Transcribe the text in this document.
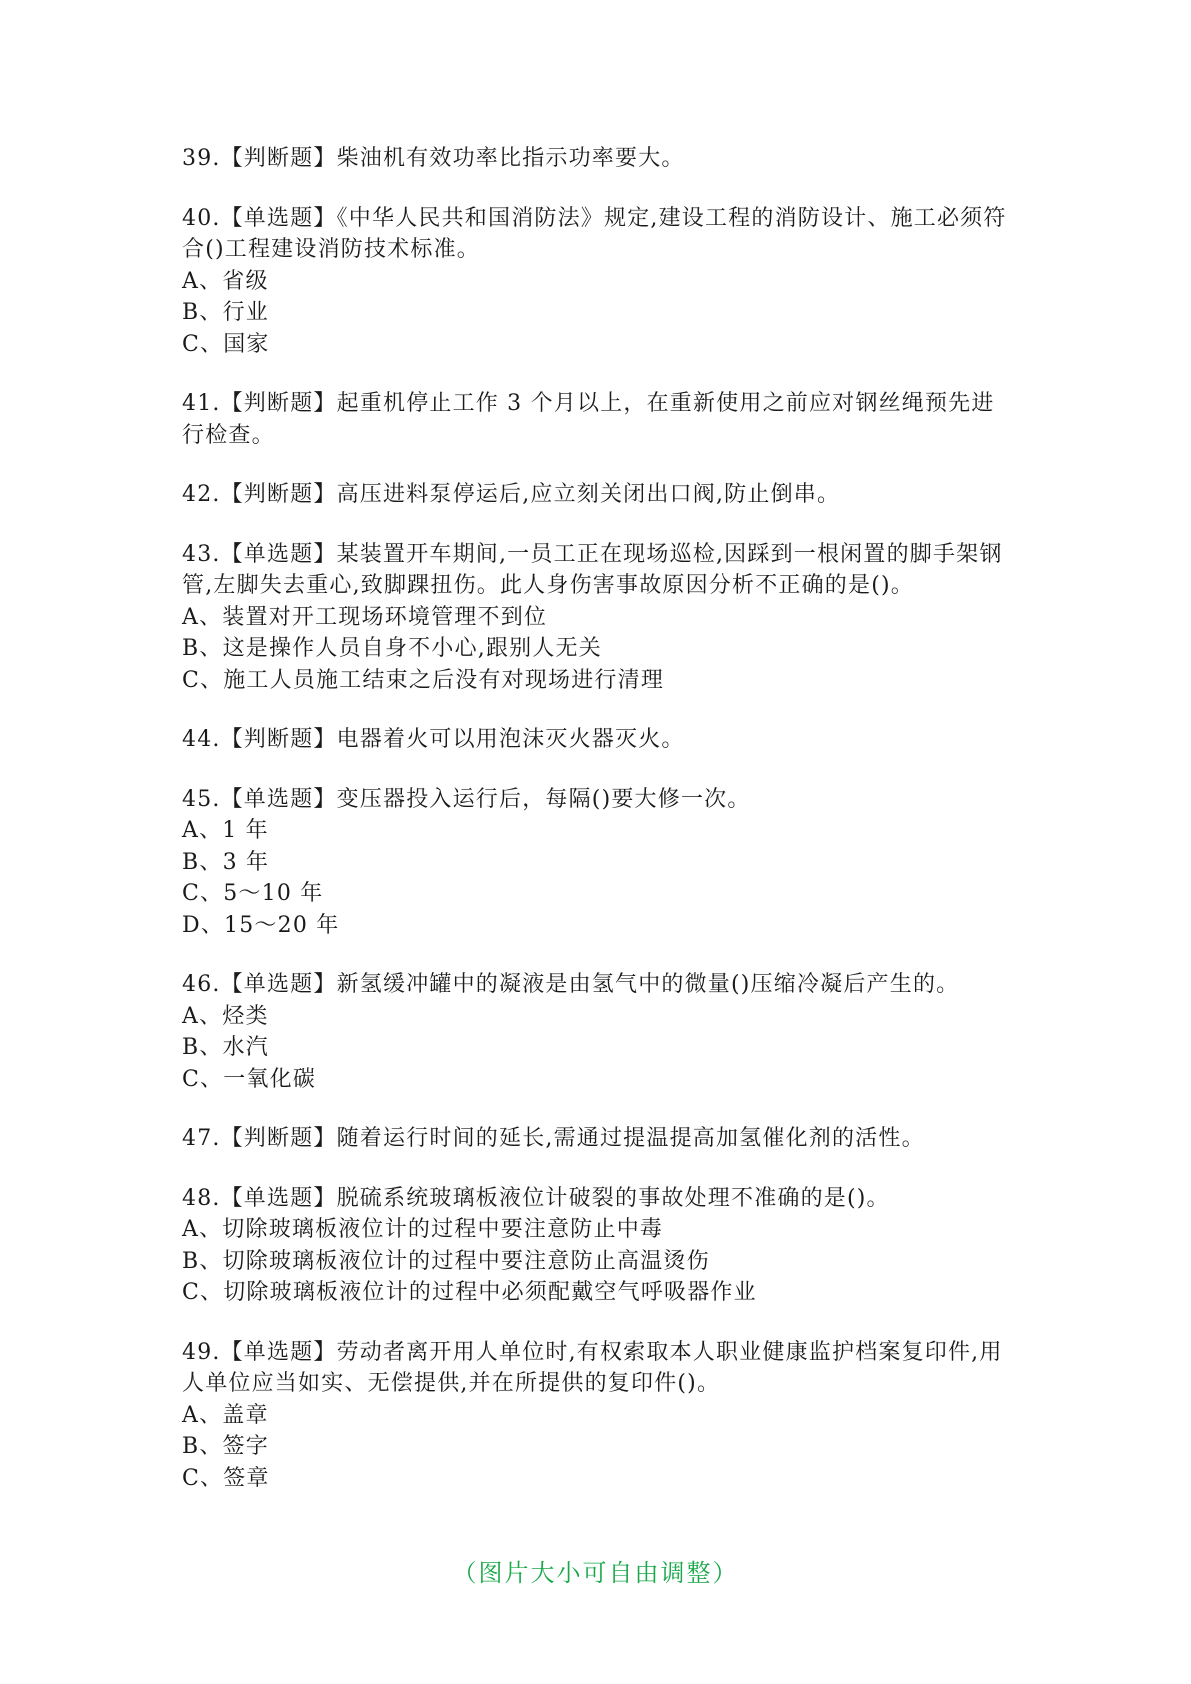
39.【判断题】柴油机有效功率比指示功率要大。

40.【单选题】《中华人民共和国消防法》规定,建设工程的消防设计、施工必须符合()工程建设消防技术标准。

A、省级

B、行业

C、国家

41.【判断题】起重机停止工作 3 个月以上，在重新使用之前应对钢丝绳预先进行检查。

42.【判断题】高压进料泵停运后,应立刻关闭出口阀,防止倒串。

43.【单选题】某装置开车期间,一员工正在现场巡检,因踩到一根闲置的脚手架钢管,左脚失去重心,致脚踝扭伤。此人身伤害事故原因分析不正确的是()。

A、装置对开工现场环境管理不到位

B、这是操作人员自身不小心,跟别人无关

C、施工人员施工结束之后没有对现场进行清理

44.【判断题】电器着火可以用泡沫灭火器灭火。

45.【单选题】变压器投入运行后，每隔()要大修一次。

A、1 年

B、3 年

C、5～10 年

D、15～20 年

46.【单选题】新氢缓冲罐中的凝液是由氢气中的微量()压缩冷凝后产生的。

A、烃类

B、水汽

C、一氧化碳

47.【判断题】随着运行时间的延长,需通过提温提高加氢催化剂的活性。

48.【单选题】脱硫系统玻璃板液位计破裂的事故处理不准确的是()。

A、切除玻璃板液位计的过程中要注意防止中毒

B、切除玻璃板液位计的过程中要注意防止高温烫伤

C、切除玻璃板液位计的过程中必须配戴空气呼吸器作业

49.【单选题】劳动者离开用人单位时,有权索取本人职业健康监护档案复印件,用人单位应当如实、无偿提供,并在所提供的复印件()。

A、盖章

B、签字

C、签章

（图片大小可自由调整）
